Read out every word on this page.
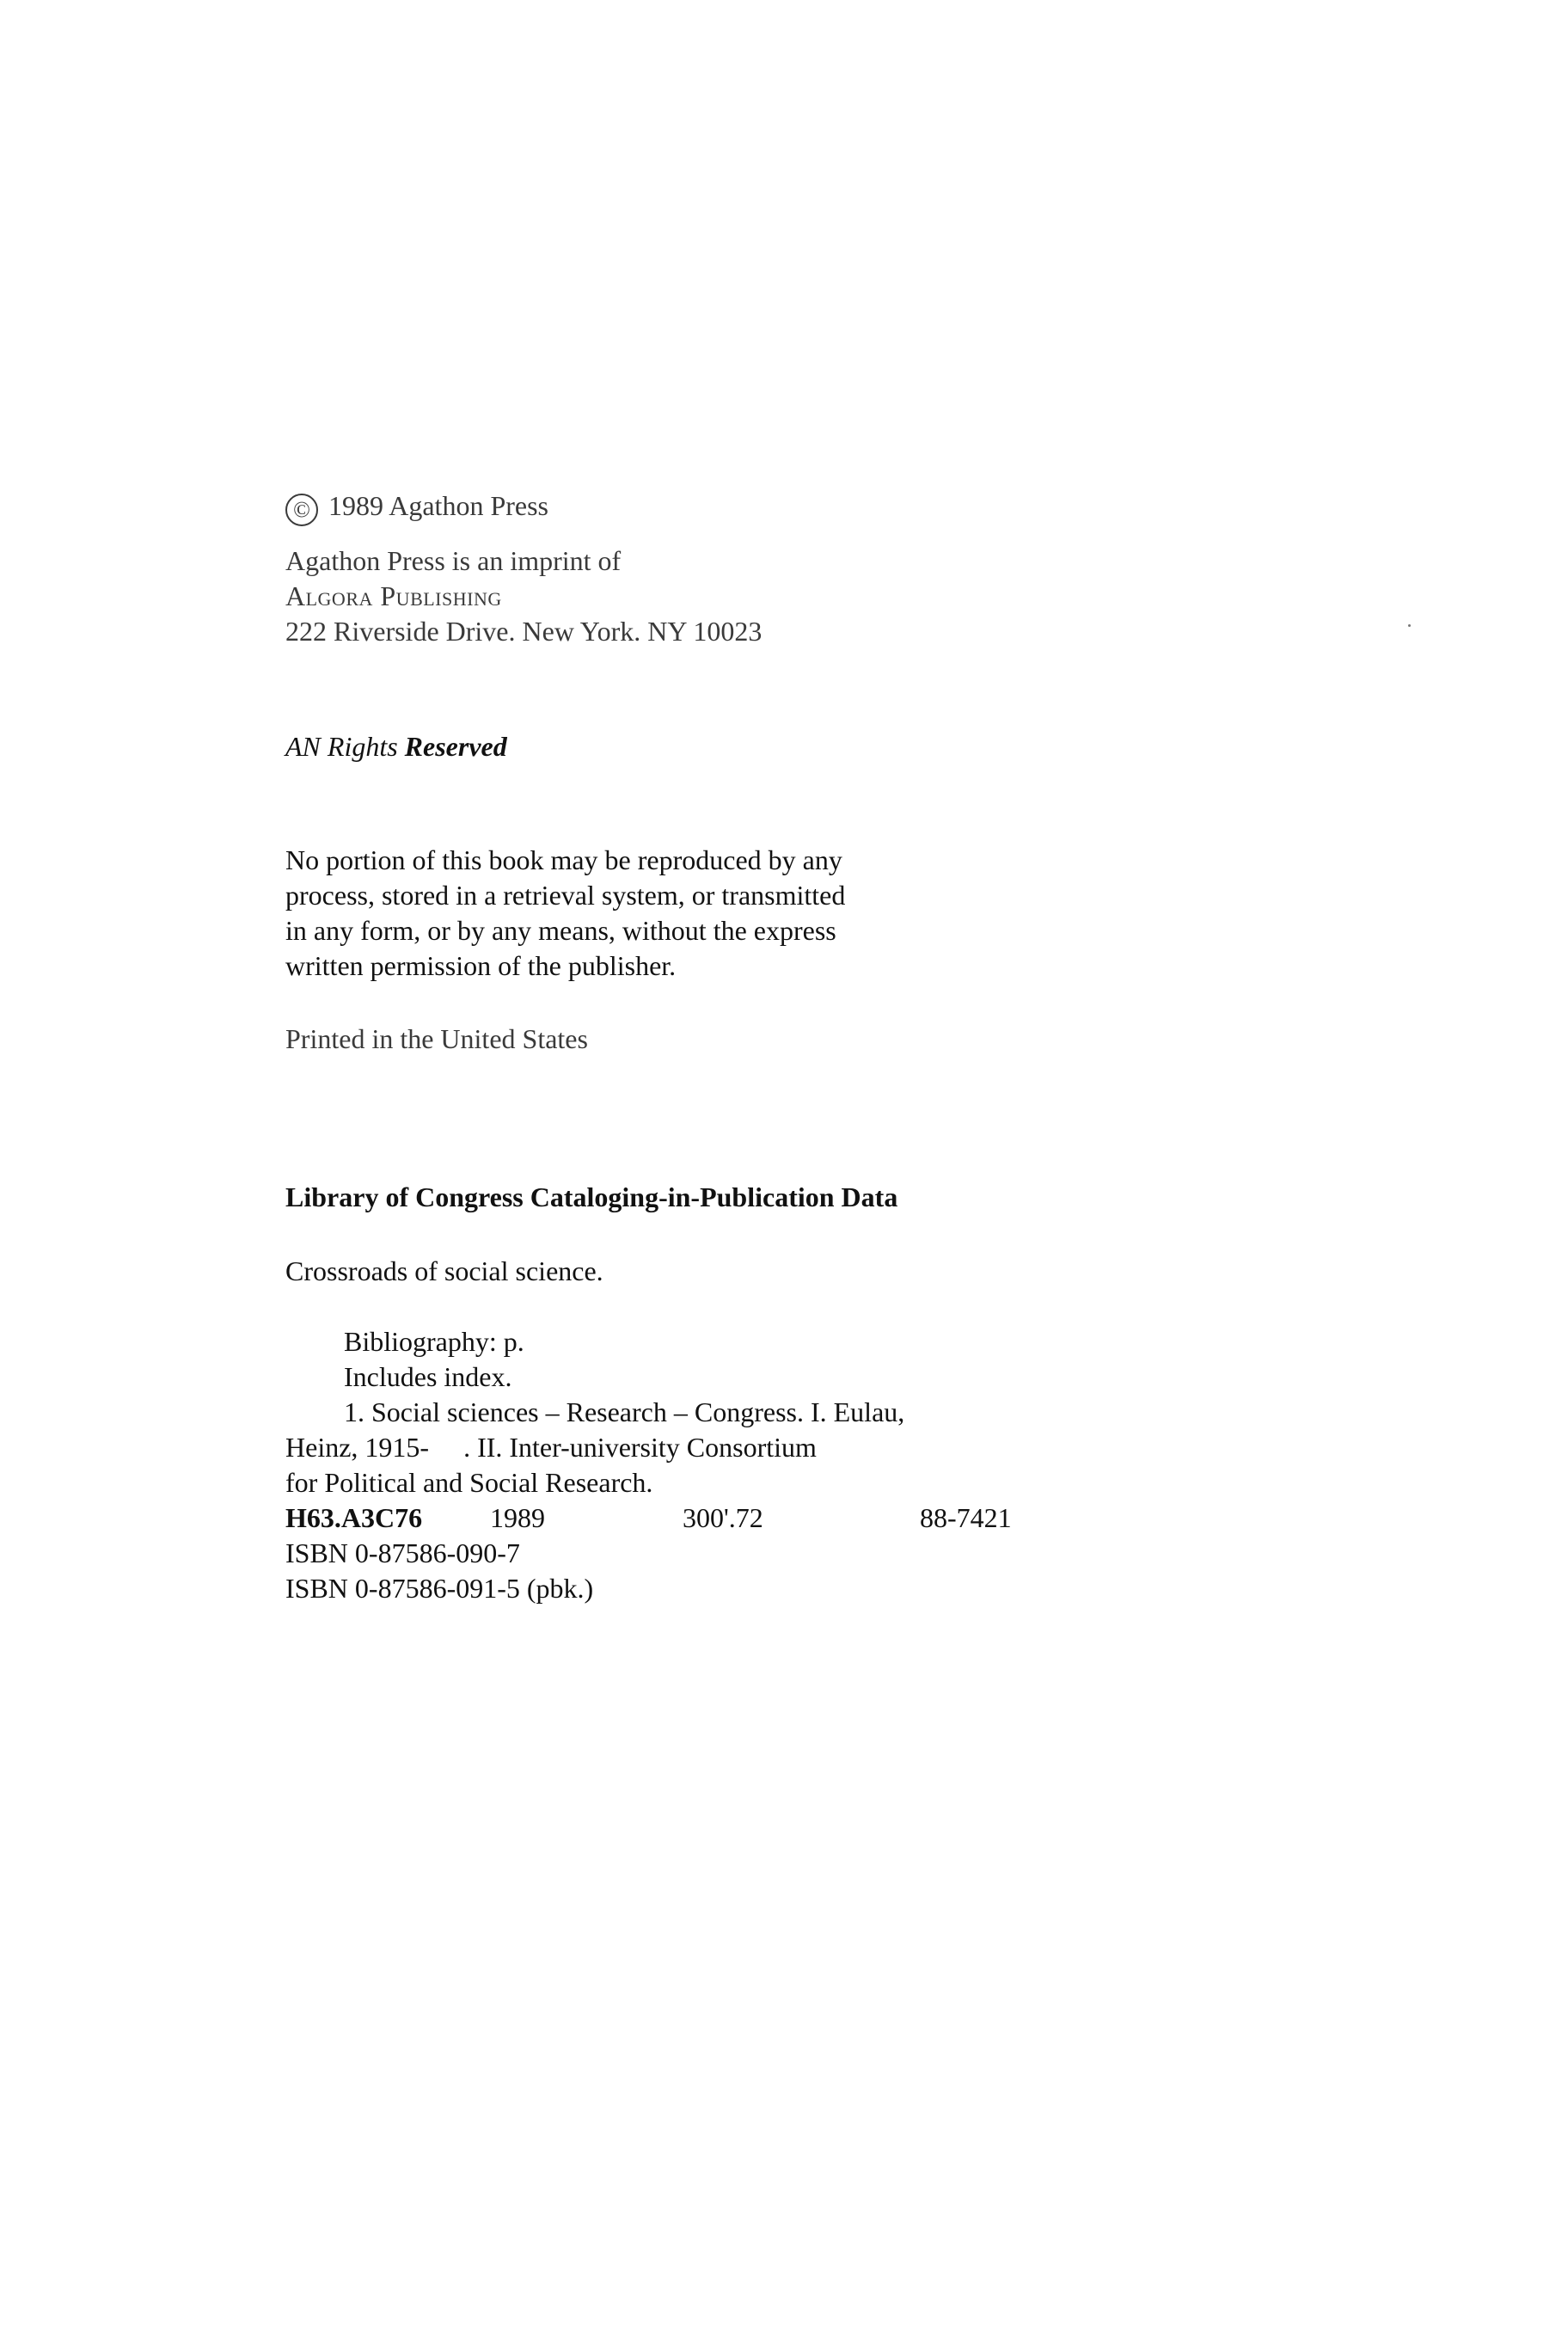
© 1989 Agathon Press
Agathon Press is an imprint of
Algora Publishing
222 Riverside Drive. New York. NY 10023
AN Rights Reserved
No portion of this book may be reproduced by any
process, stored in a retrieval system, or transmitted
in any form, or by any means, without the express
written permission of the publisher.
Printed in the United States
Library of Congress Cataloging-in-Publication Data
Crossroads of social science.
Bibliography: p.
Includes index.
1. Social sciences – Research – Congress. I. Eulau,
Heinz, 1915-     . II. Inter-university Consortium
for Political and Social Research.
H63.A3C76 1989	300'.72	88-7421
ISBN 0-87586-090-7
ISBN 0-87586-091-5 (pbk.)
